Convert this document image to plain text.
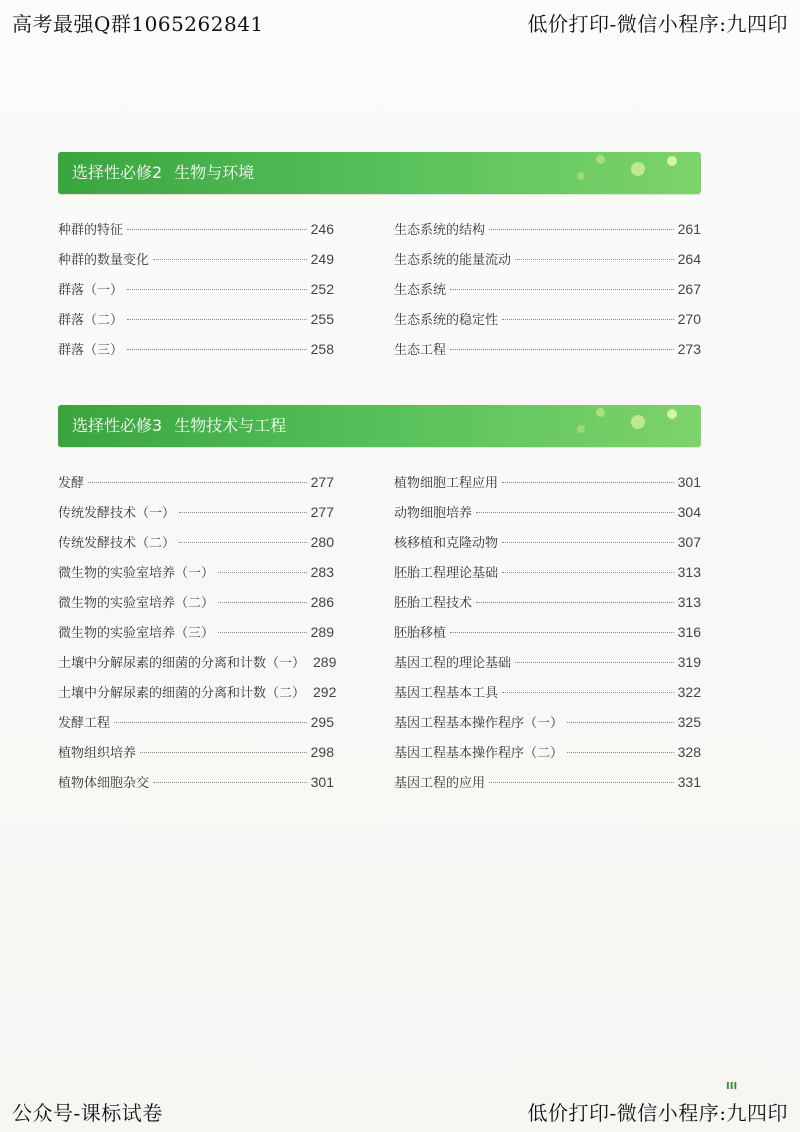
高考最强Q群1065262841	低价打印-微信小程序:九四印
选择性必修2 生物与环境
种群的特征	246
种群的数量变化	249
群落（一）	252
群落（二）	255
群落（三）	258
生态系统的结构	261
生态系统的能量流动	264
生态系统	267
生态系统的稳定性	270
生态工程	273
选择性必修3 生物技术与工程
发酵	277
传统发酵技术（一）	277
传统发酵技术（二）	280
微生物的实验室培养（一）	283
微生物的实验室培养（二）	286
微生物的实验室培养（三）	289
土壤中分解尿素的细菌的分离和计数（一） 289
土壤中分解尿素的细菌的分离和计数（二） 292
发酵工程	295
植物组织培养	298
植物体细胞杂交	301
植物细胞工程应用	301
动物细胞培养	304
核移植和克隆动物	307
胚胎工程理论基础	313
胚胎工程技术	313
胚胎移植	316
基因工程的理论基础	319
基因工程基本工具	322
基因工程基本操作程序（一）	325
基因工程基本操作程序（二）	328
基因工程的应用	331
III
公众号-课标试卷	低价打印-微信小程序:九四印
